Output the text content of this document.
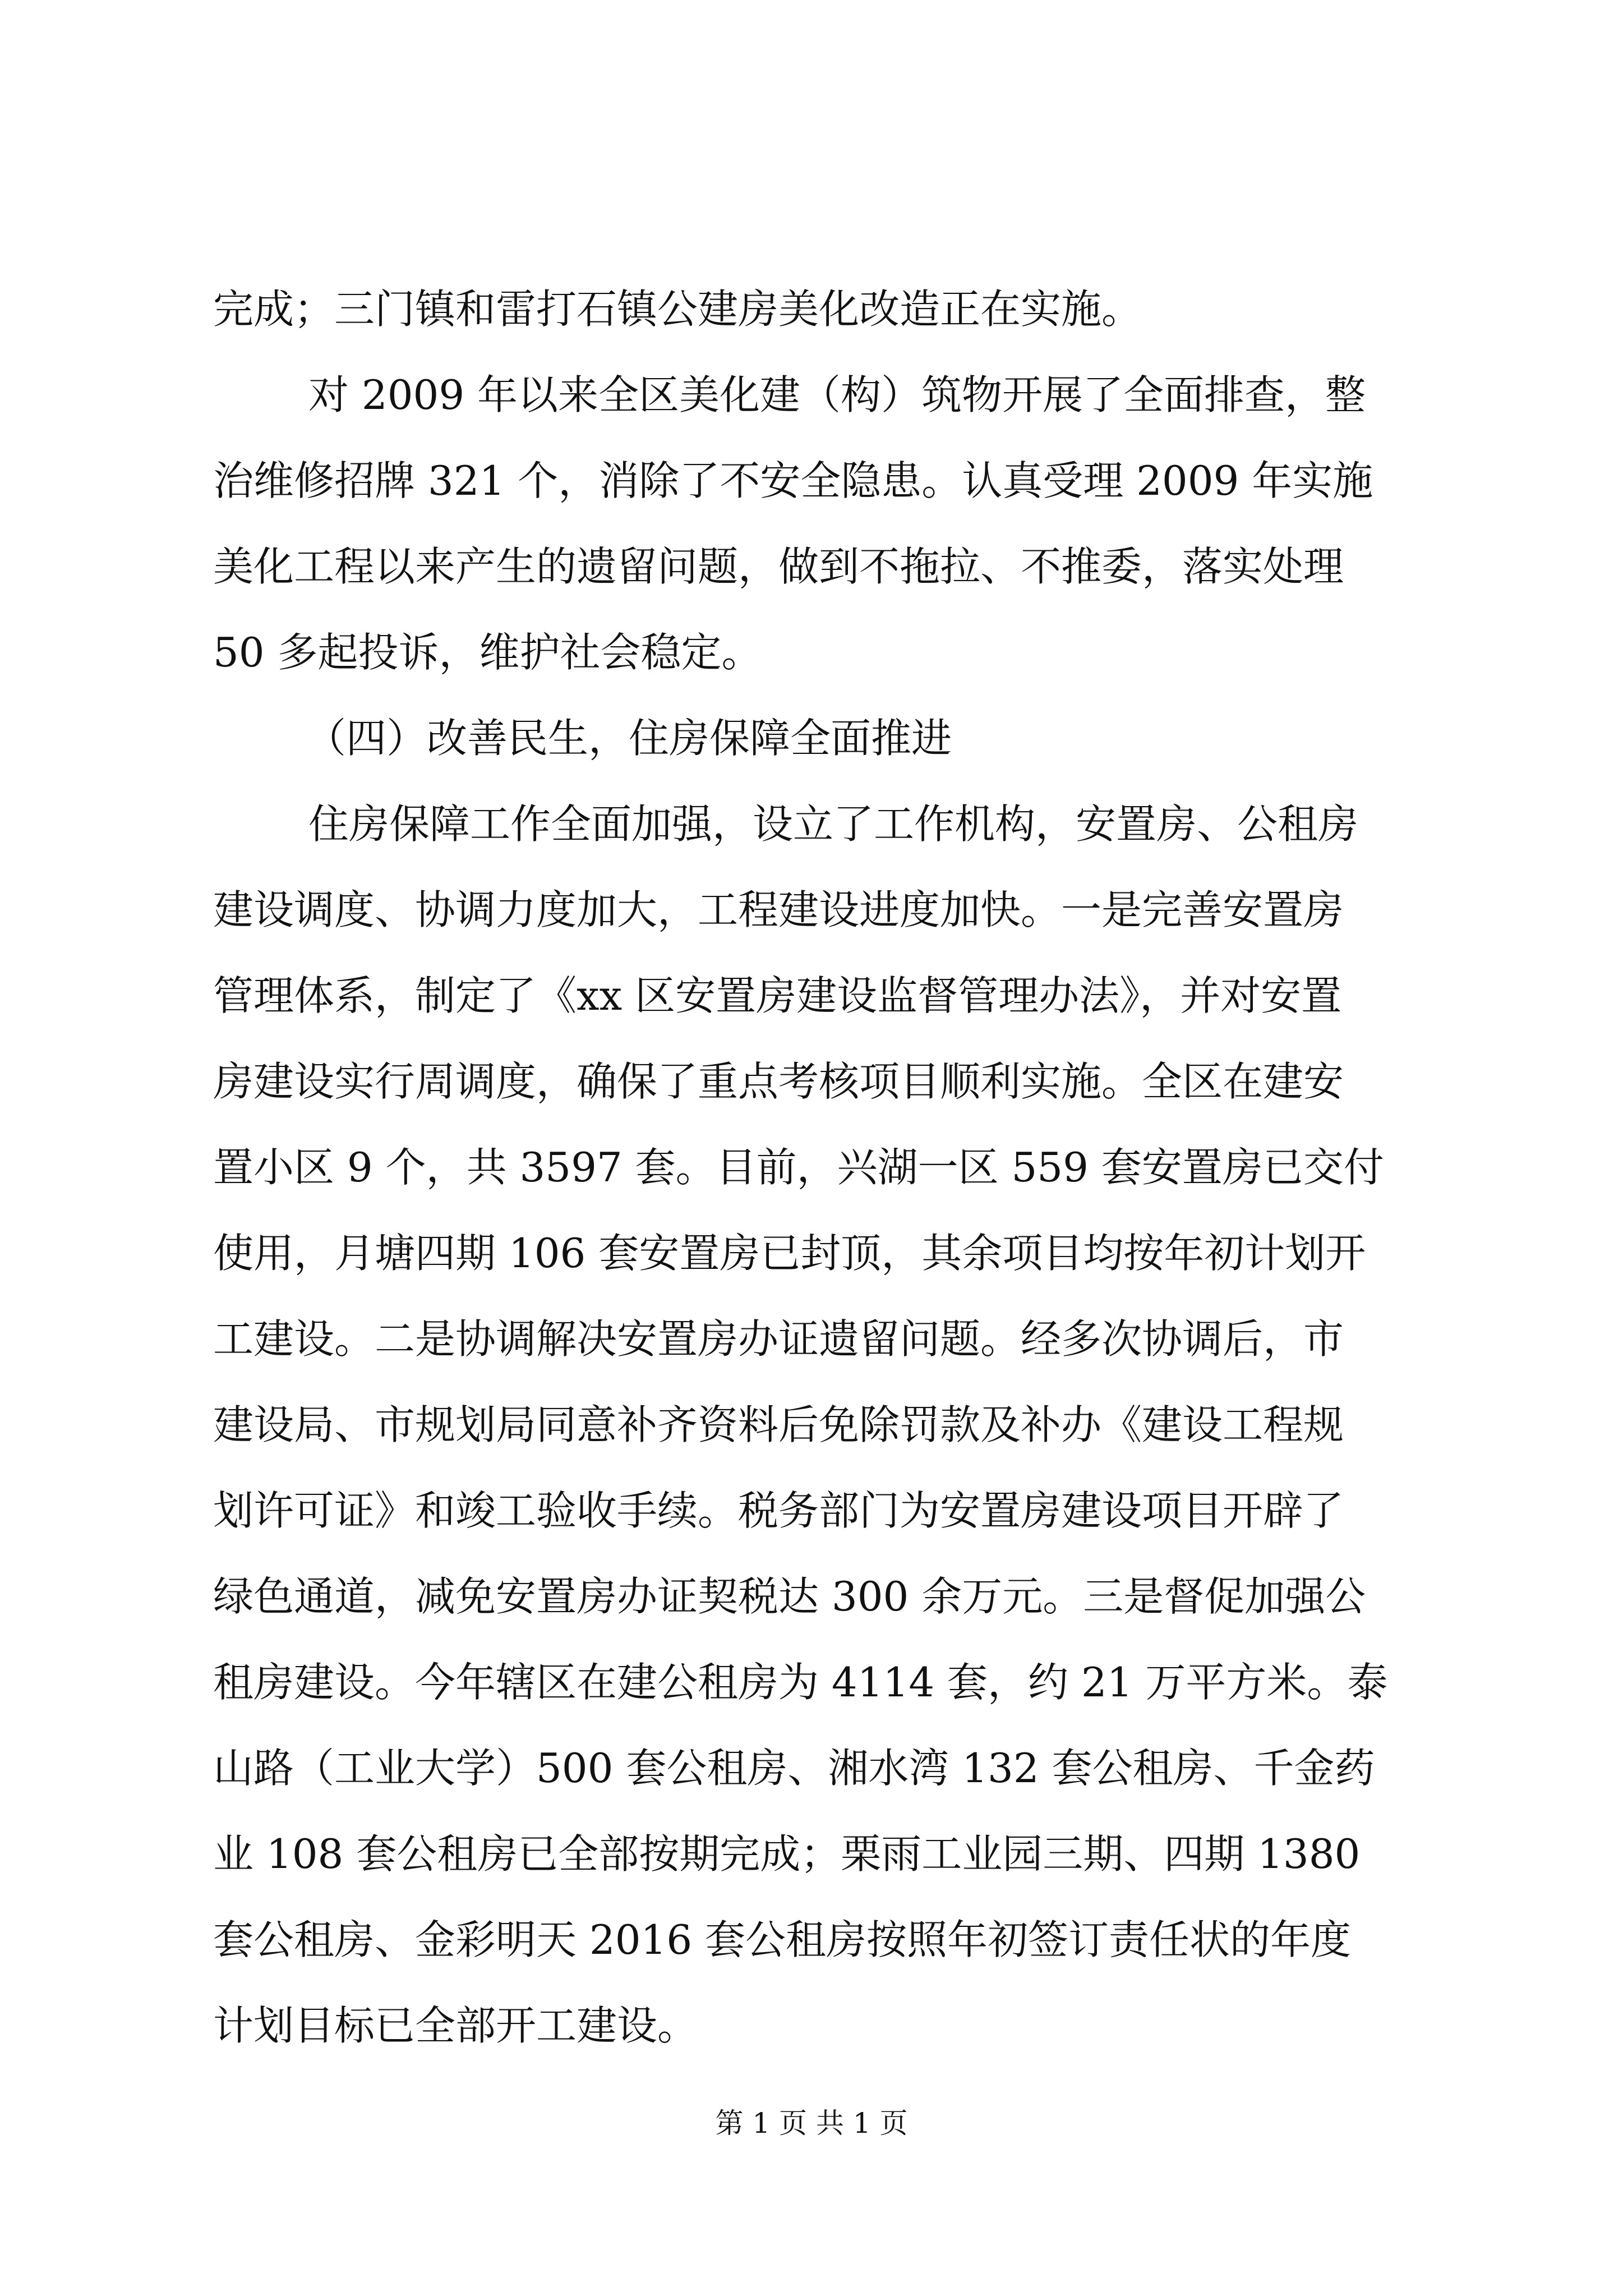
完成；三门镇和雷打石镇公建房美化改造正在实施。
对 2009 年以来全区美化建（构）筑物开展了全面排查，整
治维修招牌 321 个，消除了不安全隐患。认真受理 2009 年实施
美化工程以来产生的遗留问题，做到不拖拉、不推委，落实处理
50 多起投诉，维护社会稳定。
（四）改善民生，住房保障全面推进
住房保障工作全面加强，设立了工作机构，安置房、公租房
建设调度、协调力度加大，工程建设进度加快。一是完善安置房
管理体系，制定了《xx 区安置房建设监督管理办法》，并对安置
房建设实行周调度，确保了重点考核项目顺利实施。全区在建安
置小区 9 个，共 3597 套。目前，兴湖一区 559 套安置房已交付
使用，月塘四期 106 套安置房已封顶，其余项目均按年初计划开
工建设。二是协调解决安置房办证遗留问题。经多次协调后，市
建设局、市规划局同意补齐资料后免除罚款及补办《建设工程规
划许可证》和竣工验收手续。税务部门为安置房建设项目开辟了
绿色通道，减免安置房办证契税达 300 余万元。三是督促加强公
租房建设。今年辖区在建公租房为 4114 套，约 21 万平方米。泰
山路（工业大学）500 套公租房、湘水湾 132 套公租房、千金药
业 108 套公租房已全部按期完成；栗雨工业园三期、四期 1380
套公租房、金彩明天 2016 套公租房按照年初签订责任状的年度
计划目标已全部开工建设。
第 1 页 共 1 页
